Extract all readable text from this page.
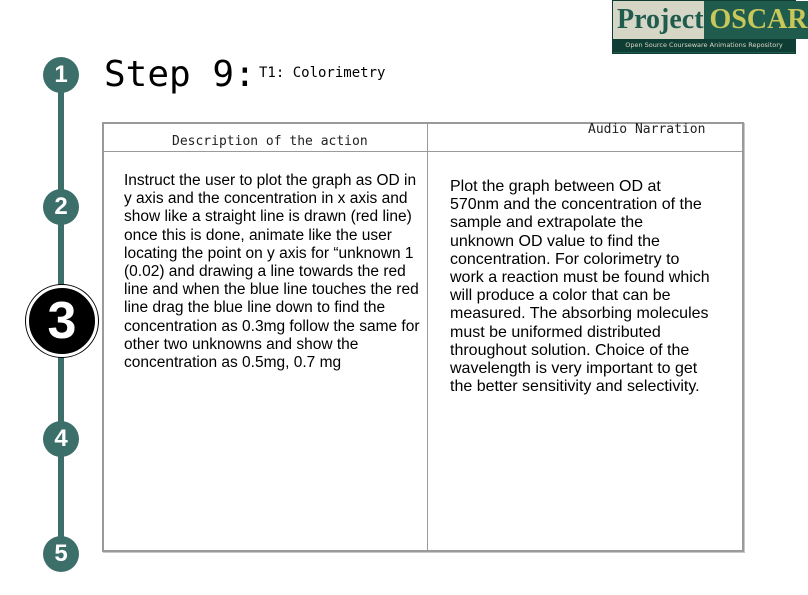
Project OSCAR
Open Source Courseware Animations Repository
1
2
3
4
5
Step 9: T1: Colorimetry
Description of the action
Audio Narration
Instruct the user to plot the graph as OD in y axis and the concentration in x axis and show like a straight line is drawn (red line) once this is done, animate like the user locating the point on y axis for “unknown 1 (0.02) and drawing a line towards the red line and when the blue line touches the red line drag the blue line down to find the concentration as 0.3mg follow the same for other two unknowns and show the concentration as 0.5mg, 0.7 mg
Plot the graph between OD at 570nm and the concentration of the sample and extrapolate the unknown OD value to find the concentration. For colorimetry to work a reaction must be found which will produce a color that can be measured. The absorbing molecules must be uniformed distributed throughout solution. Choice of the wavelength is very important to get the better sensitivity and selectivity.
